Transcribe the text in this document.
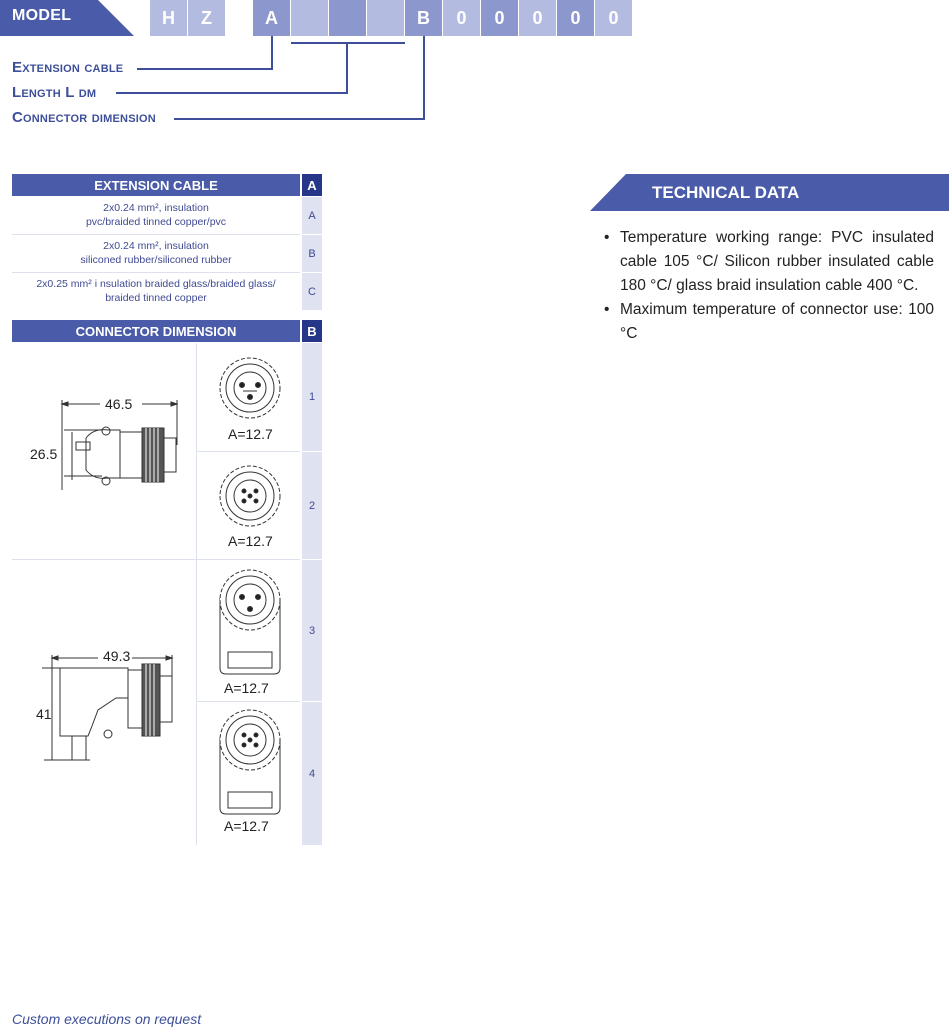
MODEL	H	Z	A	B	0	0	0	0	0
Extension cable
Length L dm
Connector dimension
EXTENSION CABLE	A
2x0.24 mm², insulation
pvc/braided tinned copper/pvc	A
2x0.24 mm², insulation
siliconed rubber/siliconed rubber	B
2x0.25 mm² i nsulation braided glass/braided glass/
braided tinned copper	C
CONNECTOR DIMENSION	B
46.5
26.5
49.3
41
A=12.7
1
A=12.7
2
A=12.7
3
A=12.7
4
TECHNICAL DATA
• Temperature working range: PVC insulated cable 105 °C/ Silicon rubber insulated cable 180 °C/ glass braid insulation cable 400 °C.
• Maximum temperature of connector use: 100 °C
Custom executions on request
